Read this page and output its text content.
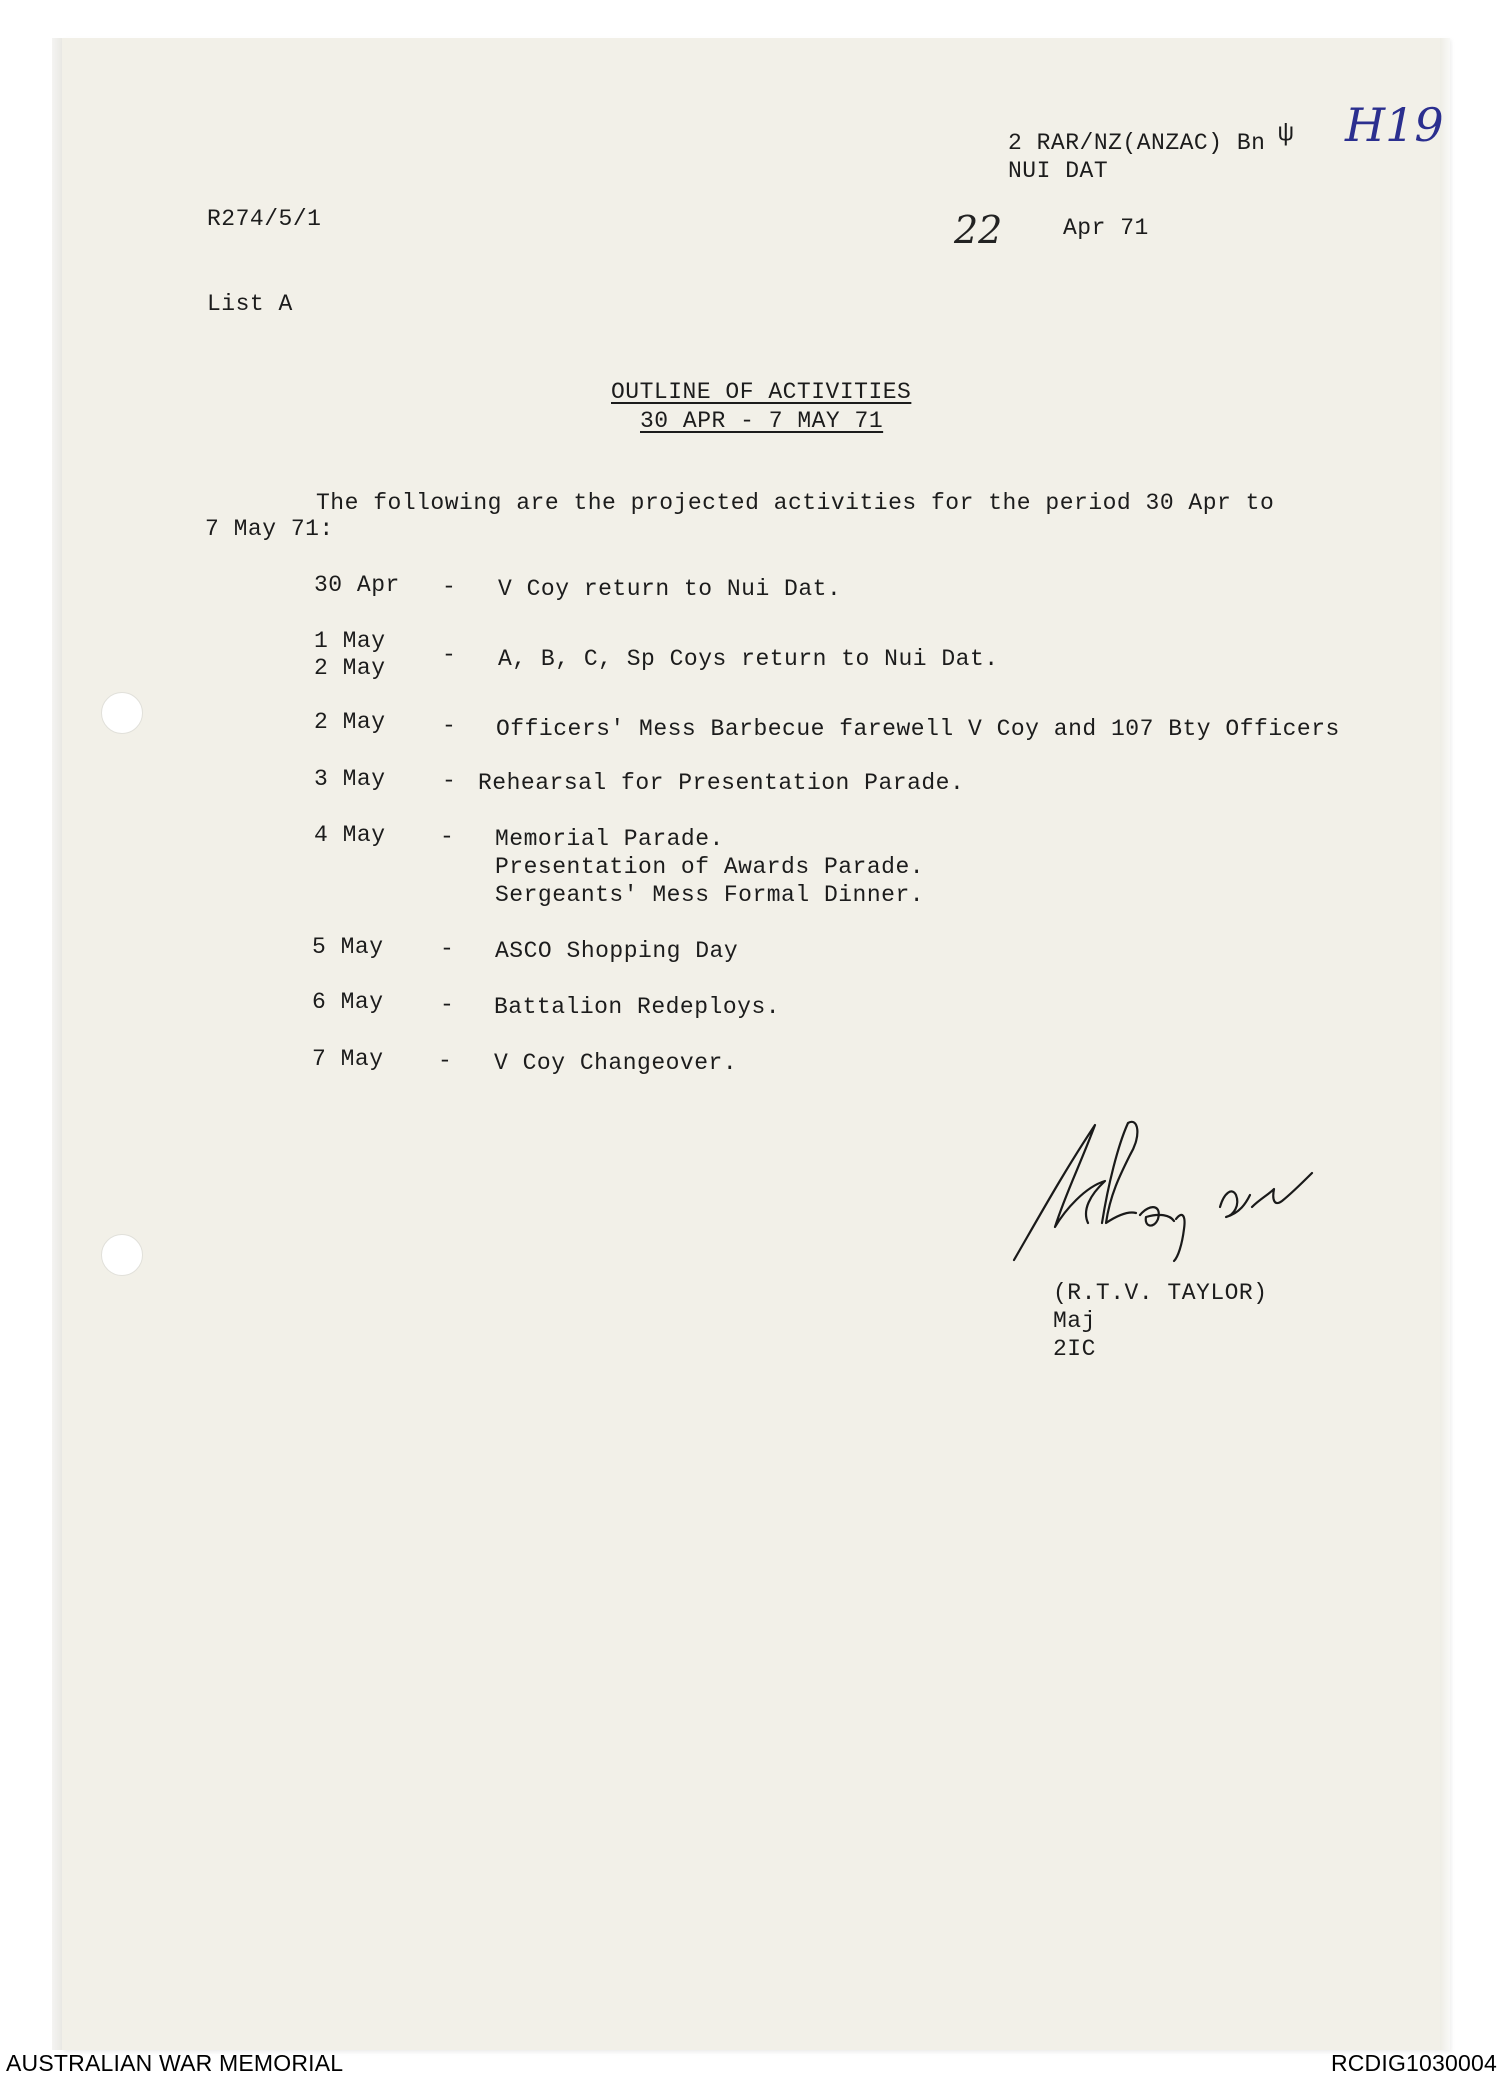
2 RAR/NZ(ANZAC) Bn ψ
NUI DAT
H19
R274/5/1	22	Apr 71
List A
OUTLINE OF ACTIVITIES
30 APR - 7 MAY 71
The following are the projected activities for the period 30 Apr to
7 May 71:
30 Apr - V Coy return to Nui Dat.
1 May
2 May - A, B, C, Sp Coys return to Nui Dat.
2 May - Officers' Mess Barbecue farewell V Coy and 107 Bty Officers
3 May - Rehearsal for Presentation Parade.
4 May - Memorial Parade.
Presentation of Awards Parade.
Sergeants' Mess Formal Dinner.
5 May - ASCO Shopping Day
6 May - Battalion Redeploys.
7 May - V Coy Changeover.
(R.T.V. TAYLOR)
Maj
2IC
AUSTRALIAN WAR MEMORIAL	RCDIG1030004
